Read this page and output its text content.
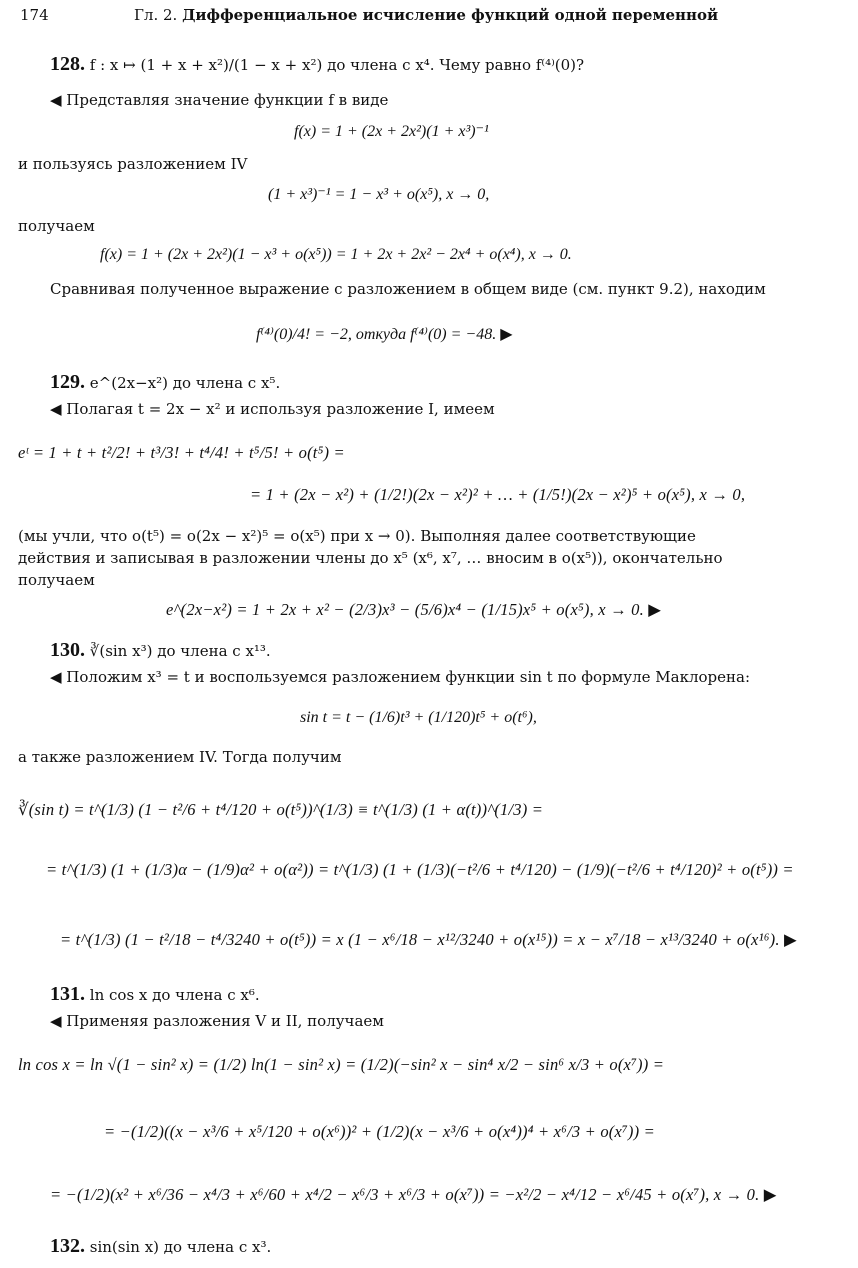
174	Гл. 2. Дифференциальное исчисление функций одной переменной
128. f : x ↦ (1 + x + x²)/(1 − x + x²) до члена с x⁴. Чему равно f⁽⁴⁾(0)?
◀ Представляя значение функции f в виде
f(x) = 1 + (2x + 2x²)(1 + x³)⁻¹
и пользуясь разложением IV
(1 + x³)⁻¹ = 1 − x³ + o(x⁵), x → 0,
получаем
f(x) = 1 + (2x + 2x²)(1 − x³ + o(x⁵)) = 1 + 2x + 2x² − 2x⁴ + o(x⁴), x → 0.
Сравнивая полученное выражение с разложением в общем виде (см. пункт 9.2), находим
f⁽⁴⁾(0)/4! = −2, откуда f⁽⁴⁾(0) = −48. ▶
129. e^(2x−x²) до члена с x⁵.
◀ Полагая t = 2x − x² и используя разложение I, имеем
eᵗ = 1 + t + t²/2! + t³/3! + t⁴/4! + t⁵/5! + o(t⁵) =
= 1 + (2x − x²) + (1/2!)(2x − x²)² + … + (1/5!)(2x − x²)⁵ + o(x⁵), x → 0,
(мы учли, что o(t⁵) = o(2x − x²)⁵ = o(x⁵) при x → 0). Выполняя далее соответствующие
действия и записывая в разложении члены до x⁵ (x⁶, x⁷, … вносим в o(x⁵)), окончательно
получаем
e^(2x−x²) = 1 + 2x + x² − (2/3)x³ − (5/6)x⁴ − (1/15)x⁵ + o(x⁵), x → 0. ▶
130. ∛(sin x³) до члена с x¹³.
◀ Положим x³ = t и воспользуемся разложением функции sin t по формуле Маклорена:
sin t = t − (1/6)t³ + (1/120)t⁵ + o(t⁶),
а также разложением IV. Тогда получим
∛(sin t) = t^(1/3) (1 − t²/6 + t⁴/120 + o(t⁵))^(1/3) ≡ t^(1/3) (1 + α(t))^(1/3) =
= t^(1/3) (1 + (1/3)α − (1/9)α² + o(α²)) = t^(1/3) (1 + (1/3)(−t²/6 + t⁴/120) − (1/9)(−t²/6 + t⁴/120)² + o(t⁵)) =
= t^(1/3) (1 − t²/18 − t⁴/3240 + o(t⁵)) = x (1 − x⁶/18 − x¹²/3240 + o(x¹⁵)) = x − x⁷/18 − x¹³/3240 + o(x¹⁶). ▶
131. ln cos x до члена с x⁶.
◀ Применяя разложения V и II, получаем
ln cos x = ln √(1 − sin² x) = (1/2) ln(1 − sin² x) = (1/2)(−sin² x − sin⁴ x/2 − sin⁶ x/3 + o(x⁷)) =
= −(1/2)((x − x³/6 + x⁵/120 + o(x⁶))² + (1/2)(x − x³/6 + o(x⁴))⁴ + x⁶/3 + o(x⁷)) =
= −(1/2)(x² + x⁶/36 − x⁴/3 + x⁶/60 + x⁴/2 − x⁶/3 + x⁶/3 + o(x⁷)) = −x²/2 − x⁴/12 − x⁶/45 + o(x⁷), x → 0. ▶
132. sin(sin x) до члена с x³.
